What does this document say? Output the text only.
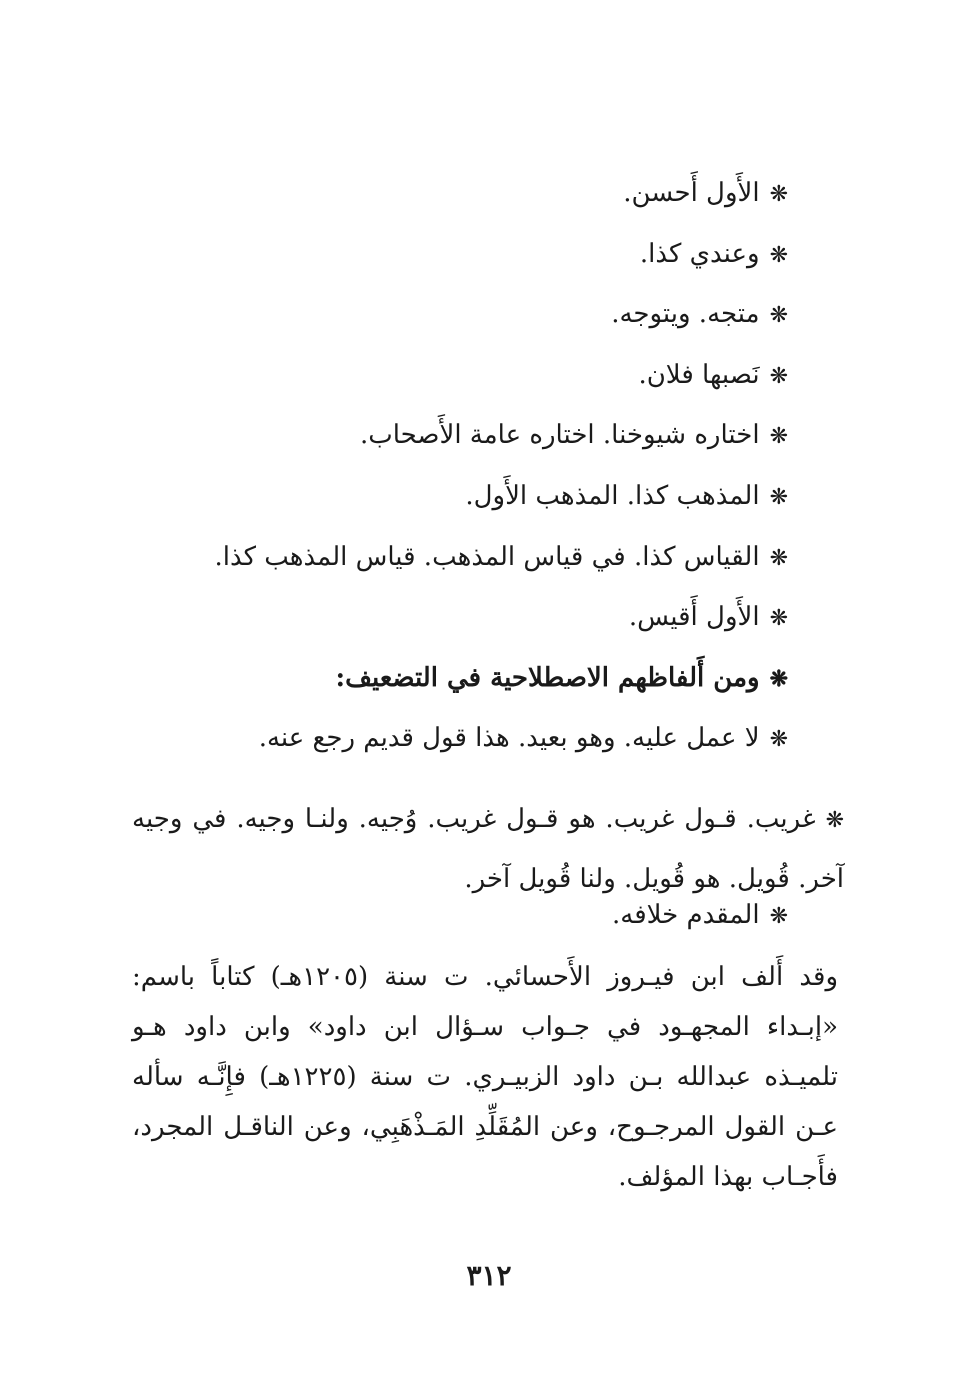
❋الأَول أَحسن.
❋وعندي كذا.
❋متجه. ويتوجه.
❋نَصبها فلان.
❋اختاره شيوخنا. اختاره عامة الأَصحاب.
❋المذهب كذا. المذهب الأَول.
❋القياس كذا. في قياس المذهب. قياس المذهب كذا.
❋الأَول أَقيس.
❋ومن أَلفاظهم الاصطلاحية في التضعيف:
❋لا عمل عليه. وهو بعيد. هذا قول قديم رجع عنه.
❋غريب. قـول غريب. هو قـول غريب. وُجيه. ولنـا وجيه. في وجيه آخر. قُويل. هو قُويل. ولنا قُويل آخر.
❋المقدم خلافه.
وقد أَلف ابن فيـروز الأَحسائي. ت سنة (١٢٠٥هـ) كتاباً باسم: «إبـداء المجهـود في جـواب سـؤال ابن داود» وابن داود هـو تلميـذه عبدالله بـن داود الزبيـري. ت سنة (١٢٢٥هـ) فإِنَّـه سأله عـن القول المرجـوح، وعن المُقَلِّدِ المَـذْهَبِي، وعن الناقـل المجرد، فأَجـاب بهذا المؤلف.
٣١٢
